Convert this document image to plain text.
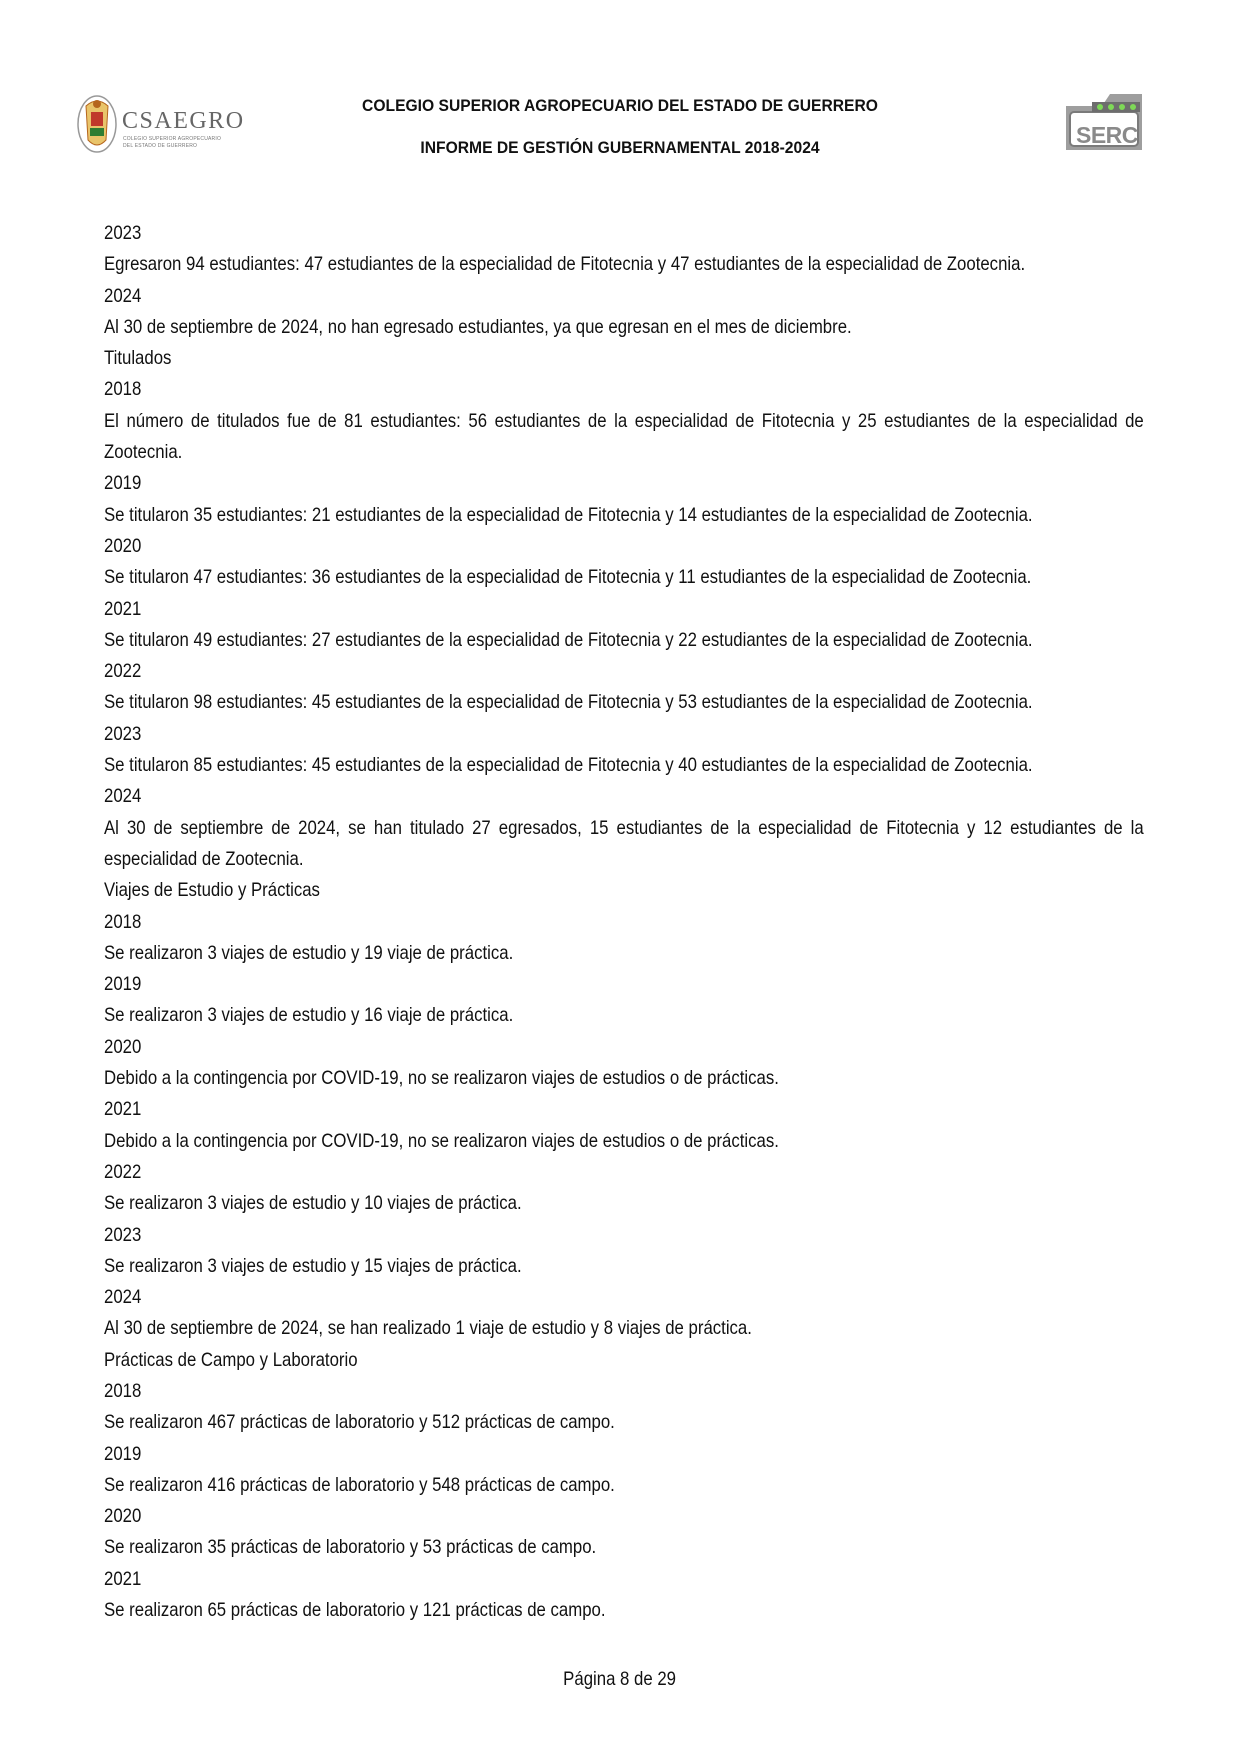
CSAEGRO
COLEGIO SUPERIOR AGROPECUARIO
DEL ESTADO DE GUERRERO
COLEGIO SUPERIOR AGROPECUARIO DEL ESTADO DE GUERRERO
INFORME DE GESTIÓN GUBERNAMENTAL 2018-2024	SERC
2023
Egresaron 94 estudiantes: 47 estudiantes de la especialidad de Fitotecnia y 47 estudiantes de la especialidad de Zootecnia.
2024
Al 30 de septiembre de 2024, no han egresado estudiantes, ya que egresan en el mes de diciembre.
Titulados
2018
El número de titulados fue de 81 estudiantes: 56 estudiantes de la especialidad de Fitotecnia y 25 estudiantes de la especialidad de Zootecnia.
2019
Se titularon 35 estudiantes: 21 estudiantes de la especialidad de Fitotecnia y 14 estudiantes de la especialidad de Zootecnia.
2020
Se titularon 47 estudiantes: 36 estudiantes de la especialidad de Fitotecnia y 11 estudiantes de la especialidad de Zootecnia.
2021
Se titularon 49 estudiantes: 27 estudiantes de la especialidad de Fitotecnia y 22 estudiantes de la especialidad de Zootecnia.
2022
Se titularon 98 estudiantes: 45 estudiantes de la especialidad de Fitotecnia y 53 estudiantes de la especialidad de Zootecnia.
2023
Se titularon 85 estudiantes: 45 estudiantes de la especialidad de Fitotecnia y 40 estudiantes de la especialidad de Zootecnia.
2024
Al 30 de septiembre de 2024, se han titulado 27 egresados, 15 estudiantes de la especialidad de Fitotecnia y 12 estudiantes de la especialidad de Zootecnia.
Viajes de Estudio y Prácticas
2018
Se realizaron 3 viajes de estudio y 19 viaje de práctica.
2019
Se realizaron 3 viajes de estudio y 16 viaje de práctica.
2020
Debido a la contingencia por COVID-19, no se realizaron viajes de estudios o de prácticas.
2021
Debido a la contingencia por COVID-19, no se realizaron viajes de estudios o de prácticas.
2022
Se realizaron 3 viajes de estudio y 10 viajes de práctica.
2023
Se realizaron 3 viajes de estudio y 15 viajes de práctica.
2024
Al 30 de septiembre de 2024, se han realizado 1 viaje de estudio y 8 viajes de práctica.
Prácticas de Campo y Laboratorio
2018
Se realizaron 467 prácticas de laboratorio y 512 prácticas de campo.
2019
Se realizaron 416 prácticas de laboratorio y 548 prácticas de campo.
2020
Se realizaron 35 prácticas de laboratorio y 53 prácticas de campo.
2021
Se realizaron 65 prácticas de laboratorio y 121 prácticas de campo.
Página 8 de 29
